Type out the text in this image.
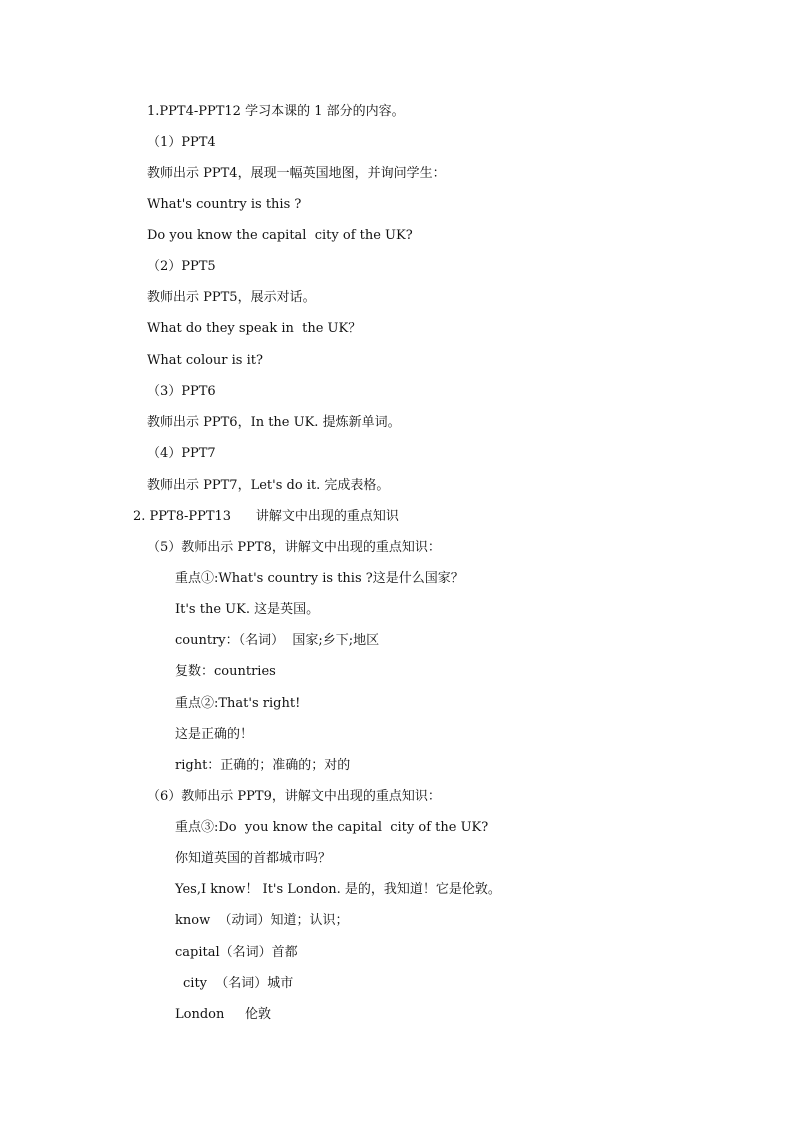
1.PPT4-PPT12 学习本课的 1 部分的内容。
（1）PPT4
教师出示 PPT4，展现一幅英国地图，并询问学生：
What's country is this ?
Do you know the capital  city of the UK?
（2）PPT5
教师出示 PPT5，展示对话。
What do they speak in  the UK？
What colour is it?
（3）PPT6
教师出示 PPT6，In the UK. 提炼新单词。
（4）PPT7
教师出示 PPT7，Let's do it. 完成表格。
2. PPT8-PPT13      讲解文中出现的重点知识
（5）教师出示 PPT8，讲解文中出现的重点知识：
重点①:What's country is this ?这是什么国家？
It's the UK. 这是英国。
country：（名词）  国家;乡下;地区
复数：countries
重点②:That's right!
这是正确的！
right：正确的；准确的；对的
（6）教师出示 PPT9，讲解文中出现的重点知识：
重点③:Do  you know the capital  city of the UK?
你知道英国的首都城市吗？
Yes,I know！ It's London. 是的，我知道！它是伦敦。
know  （动词）知道；认识；
capital（名词）首都
city  （名词）城市
London     伦敦
